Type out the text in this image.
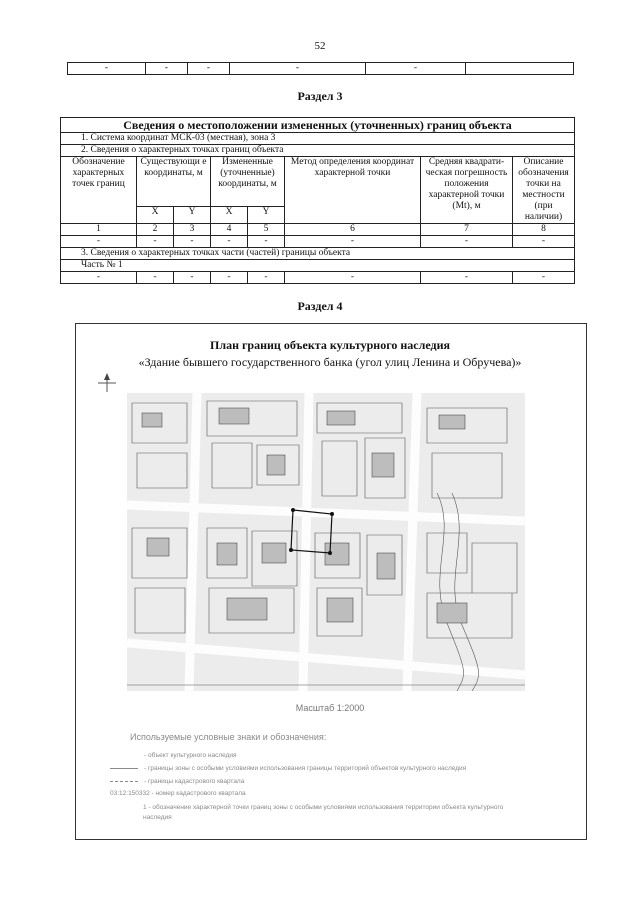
52
-	-	-	-	-	
Раздел 3
Сведения о местоположении измененных (уточненных) границ объекта							
1. Система координат МСК-03 (местная), зона 3							
2. Сведения о характерных точках границ объекта							
Обозначение характерных точек границ	Существующи е координаты, м		Измененные (уточненные) координаты, м		Метод определения координат характерной точки	Средняя квадрати-ческая погрешность положения характерной точки (Mt), м	Описание обозначения точки на местности (при наличии)
	X	Y	X	Y			
1	2	3	4	5	6	7	8
-	-	-	-	-	-	-	-
3. Сведения о характерных точках части (частей) границы объекта							
Часть № 1							
-	-	-	-	-	-	-	-
Раздел 4
План границ объекта культурного наследия
«Здание бывшего государственного банка (угол улиц Ленина и Обручева)»
Масштаб 1:2000
Используемые условные знаки и обозначения:
- объект культурного наследия
- границы зоны с особыми условиями использования границы территорий объектов культурного наследия
- границы кадастрового квартала
03:12:150332 - номер кадастрового квартала
1 - обозначение характерной точки границ зоны с особыми условиями использования территории объекта культурного наследия
